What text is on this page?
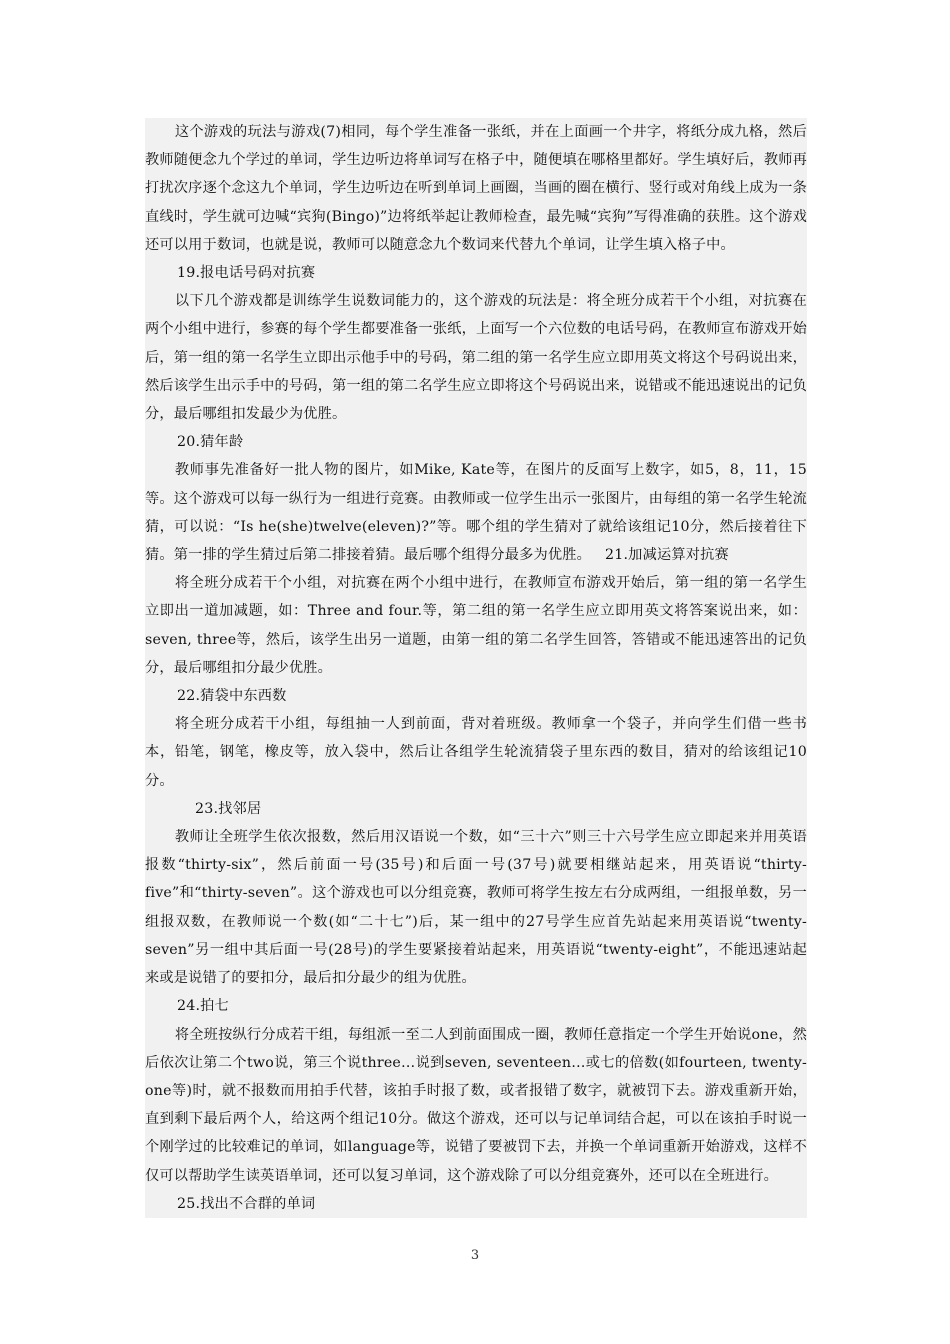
这个游戏的玩法与游戏(7)相同，每个学生准备一张纸，并在上面画一个井字，将纸分成九格，然后教师随便念九个学过的单词，学生边听边将单词写在格子中，随便填在哪格里都好。学生填好后，教师再打扰次序逐个念这九个单词，学生边听边在听到单词上画圈，当画的圈在横行、竖行或对角线上成为一条直线时，学生就可边喊“宾狗(Bingo)”边将纸举起让教师检查，最先喊“宾狗”写得准确的获胜。这个游戏还可以用于数词，也就是说，教师可以随意念九个数词来代替九个单词，让学生填入格子中。

19.报电话号码对抗赛

以下几个游戏都是训练学生说数词能力的，这个游戏的玩法是：将全班分成若干个小组，对抗赛在两个小组中进行，参赛的每个学生都要准备一张纸，上面写一个六位数的电话号码，在教师宣布游戏开始后，第一组的第一名学生立即出示他手中的号码，第二组的第一名学生应立即用英文将这个号码说出来，然后该学生出示手中的号码，第一组的第二名学生应立即将这个号码说出来，说错或不能迅速说出的记负分，最后哪组扣发最少为优胜。

20.猜年龄

教师事先准备好一批人物的图片，如Mike, Kate等，在图片的反面写上数字，如5，8，11，15等。这个游戏可以每一纵行为一组进行竞赛。由教师或一位学生出示一张图片，由每组的第一名学生轮流猜，可以说：“Is he(she)twelve(eleven)?”等。哪个组的学生猜对了就给该组记10分，然后接着往下猜。第一排的学生猜过后第二排接着猜。最后哪个组得分最多为优胜。 21.加减运算对抗赛

将全班分成若干个小组，对抗赛在两个小组中进行，在教师宣布游戏开始后，第一组的第一名学生立即出一道加减题，如：Three and four.等，第二组的第一名学生应立即用英文将答案说出来，如：seven, three等，然后，该学生出另一道题，由第一组的第二名学生回答，答错或不能迅速答出的记负分，最后哪组扣分最少优胜。

22.猜袋中东西数

将全班分成若干小组，每组抽一人到前面，背对着班级。教师拿一个袋子，并向学生们借一些书本，铅笔，钢笔，橡皮等，放入袋中，然后让各组学生轮流猜袋子里东西的数目，猜对的给该组记10分。

23.找邻居

教师让全班学生依次报数，然后用汉语说一个数，如“三十六”则三十六号学生应立即起来并用英语报数“thirty-six”，然后前面一号(35号)和后面一号(37号)就要相继站起来，用英语说“thirty-five”和“thirty-seven”。这个游戏也可以分组竞赛，教师可将学生按左右分成两组，一组报单数，另一组报双数，在教师说一个数(如“二十七”)后，某一组中的27号学生应首先站起来用英语说“twenty-seven”另一组中其后面一号(28号)的学生要紧接着站起来，用英语说“twenty-eight”，不能迅速站起来或是说错了的要扣分，最后扣分最少的组为优胜。

24.拍七

将全班按纵行分成若干组，每组派一至二人到前面围成一圈，教师任意指定一个学生开始说one，然后依次让第二个two说，第三个说three…说到seven, seventeen…或七的倍数(如fourteen, twenty-one等)时，就不报数而用拍手代替，该拍手时报了数，或者报错了数字，就被罚下去。游戏重新开始，直到剩下最后两个人，给这两个组记10分。做这个游戏，还可以与记单词结合起，可以在该拍手时说一个刚学过的比较难记的单词，如language等，说错了要被罚下去，并换一个单词重新开始游戏，这样不仅可以帮助学生读英语单词，还可以复习单词，这个游戏除了可以分组竞赛外，还可以在全班进行。

25.找出不合群的单词

3
